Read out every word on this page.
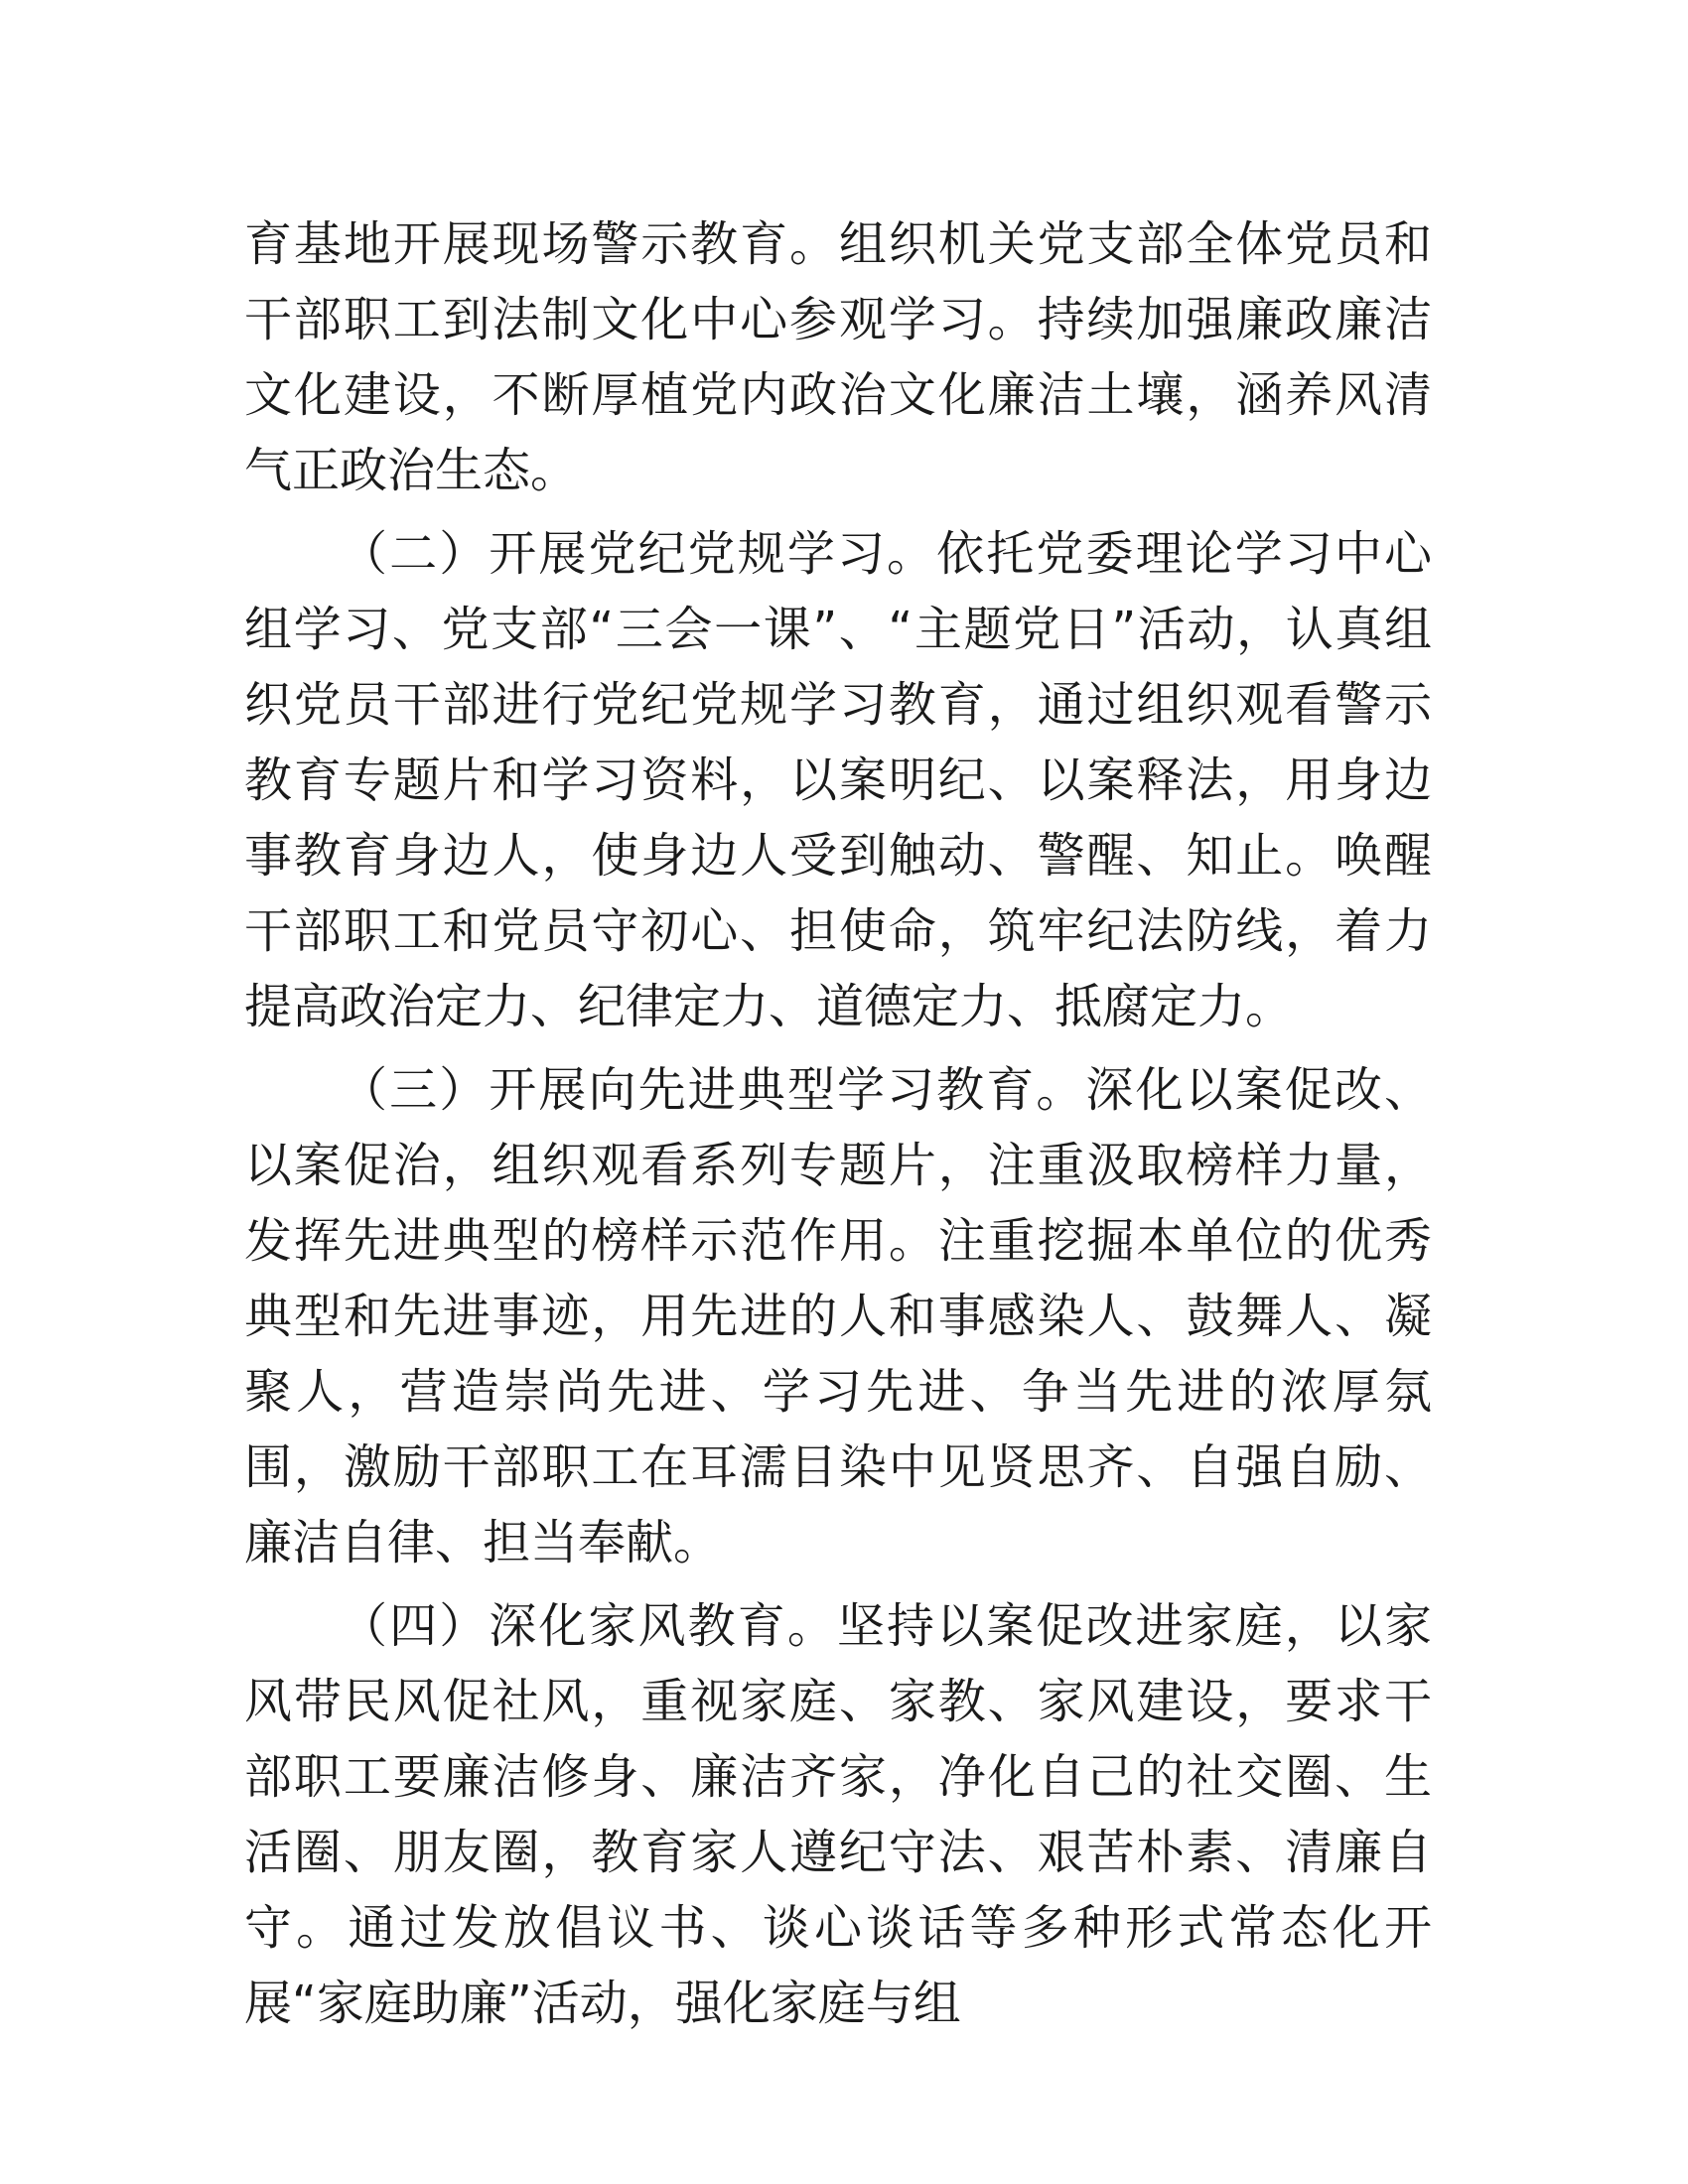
育基地开展现场警示教育。组织机关党支部全体党员和干部职工到法制文化中心参观学习。持续加强廉政廉洁文化建设，不断厚植党内政治文化廉洁土壤，涵养风清气正政治生态。

（二）开展党纪党规学习。依托党委理论学习中心组学习、党支部“三会一课”、“主题党日”活动，认真组织党员干部进行党纪党规学习教育，通过组织观看警示教育专题片和学习资料，以案明纪、以案释法，用身边事教育身边人，使身边人受到触动、警醒、知止。唤醒干部职工和党员守初心、担使命，筑牢纪法防线，着力提高政治定力、纪律定力、道德定力、抵腐定力。

（三）开展向先进典型学习教育。深化以案促改、以案促治，组织观看系列专题片，注重汲取榜样力量，发挥先进典型的榜样示范作用。注重挖掘本单位的优秀典型和先进事迹，用先进的人和事感染人、鼓舞人、凝聚人，营造崇尚先进、学习先进、争当先进的浓厚氛围，激励干部职工在耳濡目染中见贤思齐、自强自励、廉洁自律、担当奉献。

（四）深化家风教育。坚持以案促改进家庭，以家风带民风促社风，重视家庭、家教、家风建设，要求干部职工要廉洁修身、廉洁齐家，净化自己的社交圈、生活圈、朋友圈，教育家人遵纪守法、艰苦朴素、清廉自守。通过发放倡议书、谈心谈话等多种形式常态化开展“家庭助廉”活动，强化家庭与组
